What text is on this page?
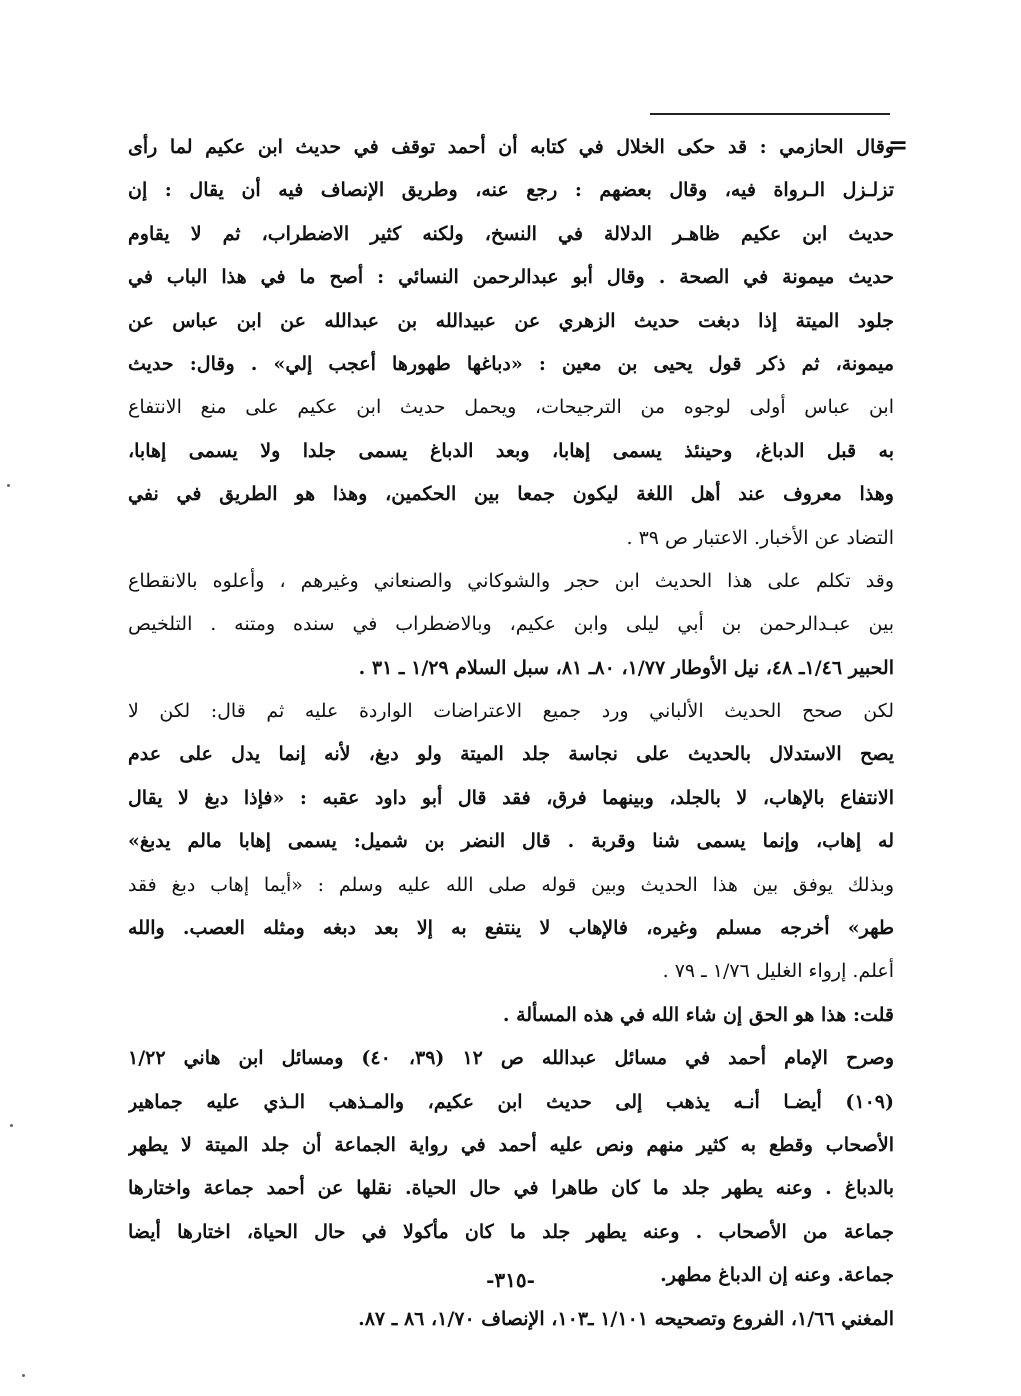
=
وقال الحازمي : قد حكى الخلال في كتابه أن أحمد توقف في حديث ابن عكيم لما رأى
تزلـزل الـرواة فيه، وقال بعضهم : رجع عنه، وطريق الإنصاف فيه أن يقال : إن
حديث ابن عكيم ظاهـر الدلالة في النسخ، ولكنه كثير الاضطراب، ثم لا يقاوم
حديث ميمونة في الصحة . وقال أبو عبدالرحمن النسائي : أصح ما في هذا الباب في
جلود الميتة إذا دبغت حديث الزهري عن عبيدالله بن عبدالله عن ابن عباس عن
ميمونة، ثم ذكر قول يحيى بن معين : «دباغها طهورها أعجب إلي» . وقال: حديث
ابن عباس أولى لوجوه من الترجيحات، ويحمل حديث ابن عكيم على منع الانتفاع
به قبل الدباغ، وحينئذ يسمى إهابا، وبعد الدباغ يسمى جلدا ولا يسمى إهابا،
وهذا معروف عند أهل اللغة ليكون جمعا بين الحكمين، وهذا هو الطريق في نفي
التضاد عن الأخبار. الاعتبار ص ٣٩ .
وقد تكلم على هذا الحديث ابن حجر والشوكاني والصنعاني وغيرهم ، وأعلوه بالانقطاع
بين عبـدالرحمن بن أبي ليلى وابن عكيم، وبالاضطراب في سنده ومتنه . التلخيص
الحبير ١/٤٦ـ ٤٨، نيل الأوطار ١/٧٧، ٨٠ـ ٨١، سبل السلام ١/٢٩ ـ ٣١ .
لكن صحح الحديث الألباني ورد جميع الاعتراضات الواردة عليه ثم قال: لكن لا
يصح الاستدلال بالحديث على نجاسة جلد الميتة ولو دبغ، لأنه إنما يدل على عدم
الانتفاع بالإهاب، لا بالجلد، وبينهما فرق، فقد قال أبو داود عقبه : «فإذا دبغ لا يقال
له إهاب، وإنما يسمى شنا وقربة . قال النضر بن شميل: يسمى إهابا مالم يدبغ»
وبذلك يوفق بين هذا الحديث وبين قوله صلى الله عليه وسلم : «أيما إهاب دبغ فقد
طهر» أخرجه مسلم وغيره، فالإهاب لا ينتفع به إلا بعد دبغه ومثله العصب. والله
أعلم. إرواء الغليل ١/٧٦ ـ ٧٩ .
قلت: هذا هو الحق إن شاء الله في هذه المسألة .
وصرح الإمام أحمد في مسائل عبدالله ص ١٢ (٣٩، ٤٠) ومسائل ابن هاني ١/٢٢
(١٠٩) أيضـا أنـه يذهب إلى حديث ابن عكيم، والمـذهب الـذي عليه جماهير
الأصحاب وقطع به كثير منهم ونص عليه أحمد في رواية الجماعة أن جلد الميتة لا يطهر
بالدباغ . وعنه يطهر جلد ما كان طاهرا في حال الحياة. نقلها عن أحمد جماعة واختارها
جماعة من الأصحاب . وعنه يطهر جلد ما كان مأكولا في حال الحياة، اختارها أيضا
جماعة. وعنه إن الدباغ مطهر.
المغني ١/٦٦، الفروع وتصحيحه ١/١٠١ ـ١٠٣، الإنصاف ١/٧٠، ٨٦ ـ ٨٧.
-٣١٥-
